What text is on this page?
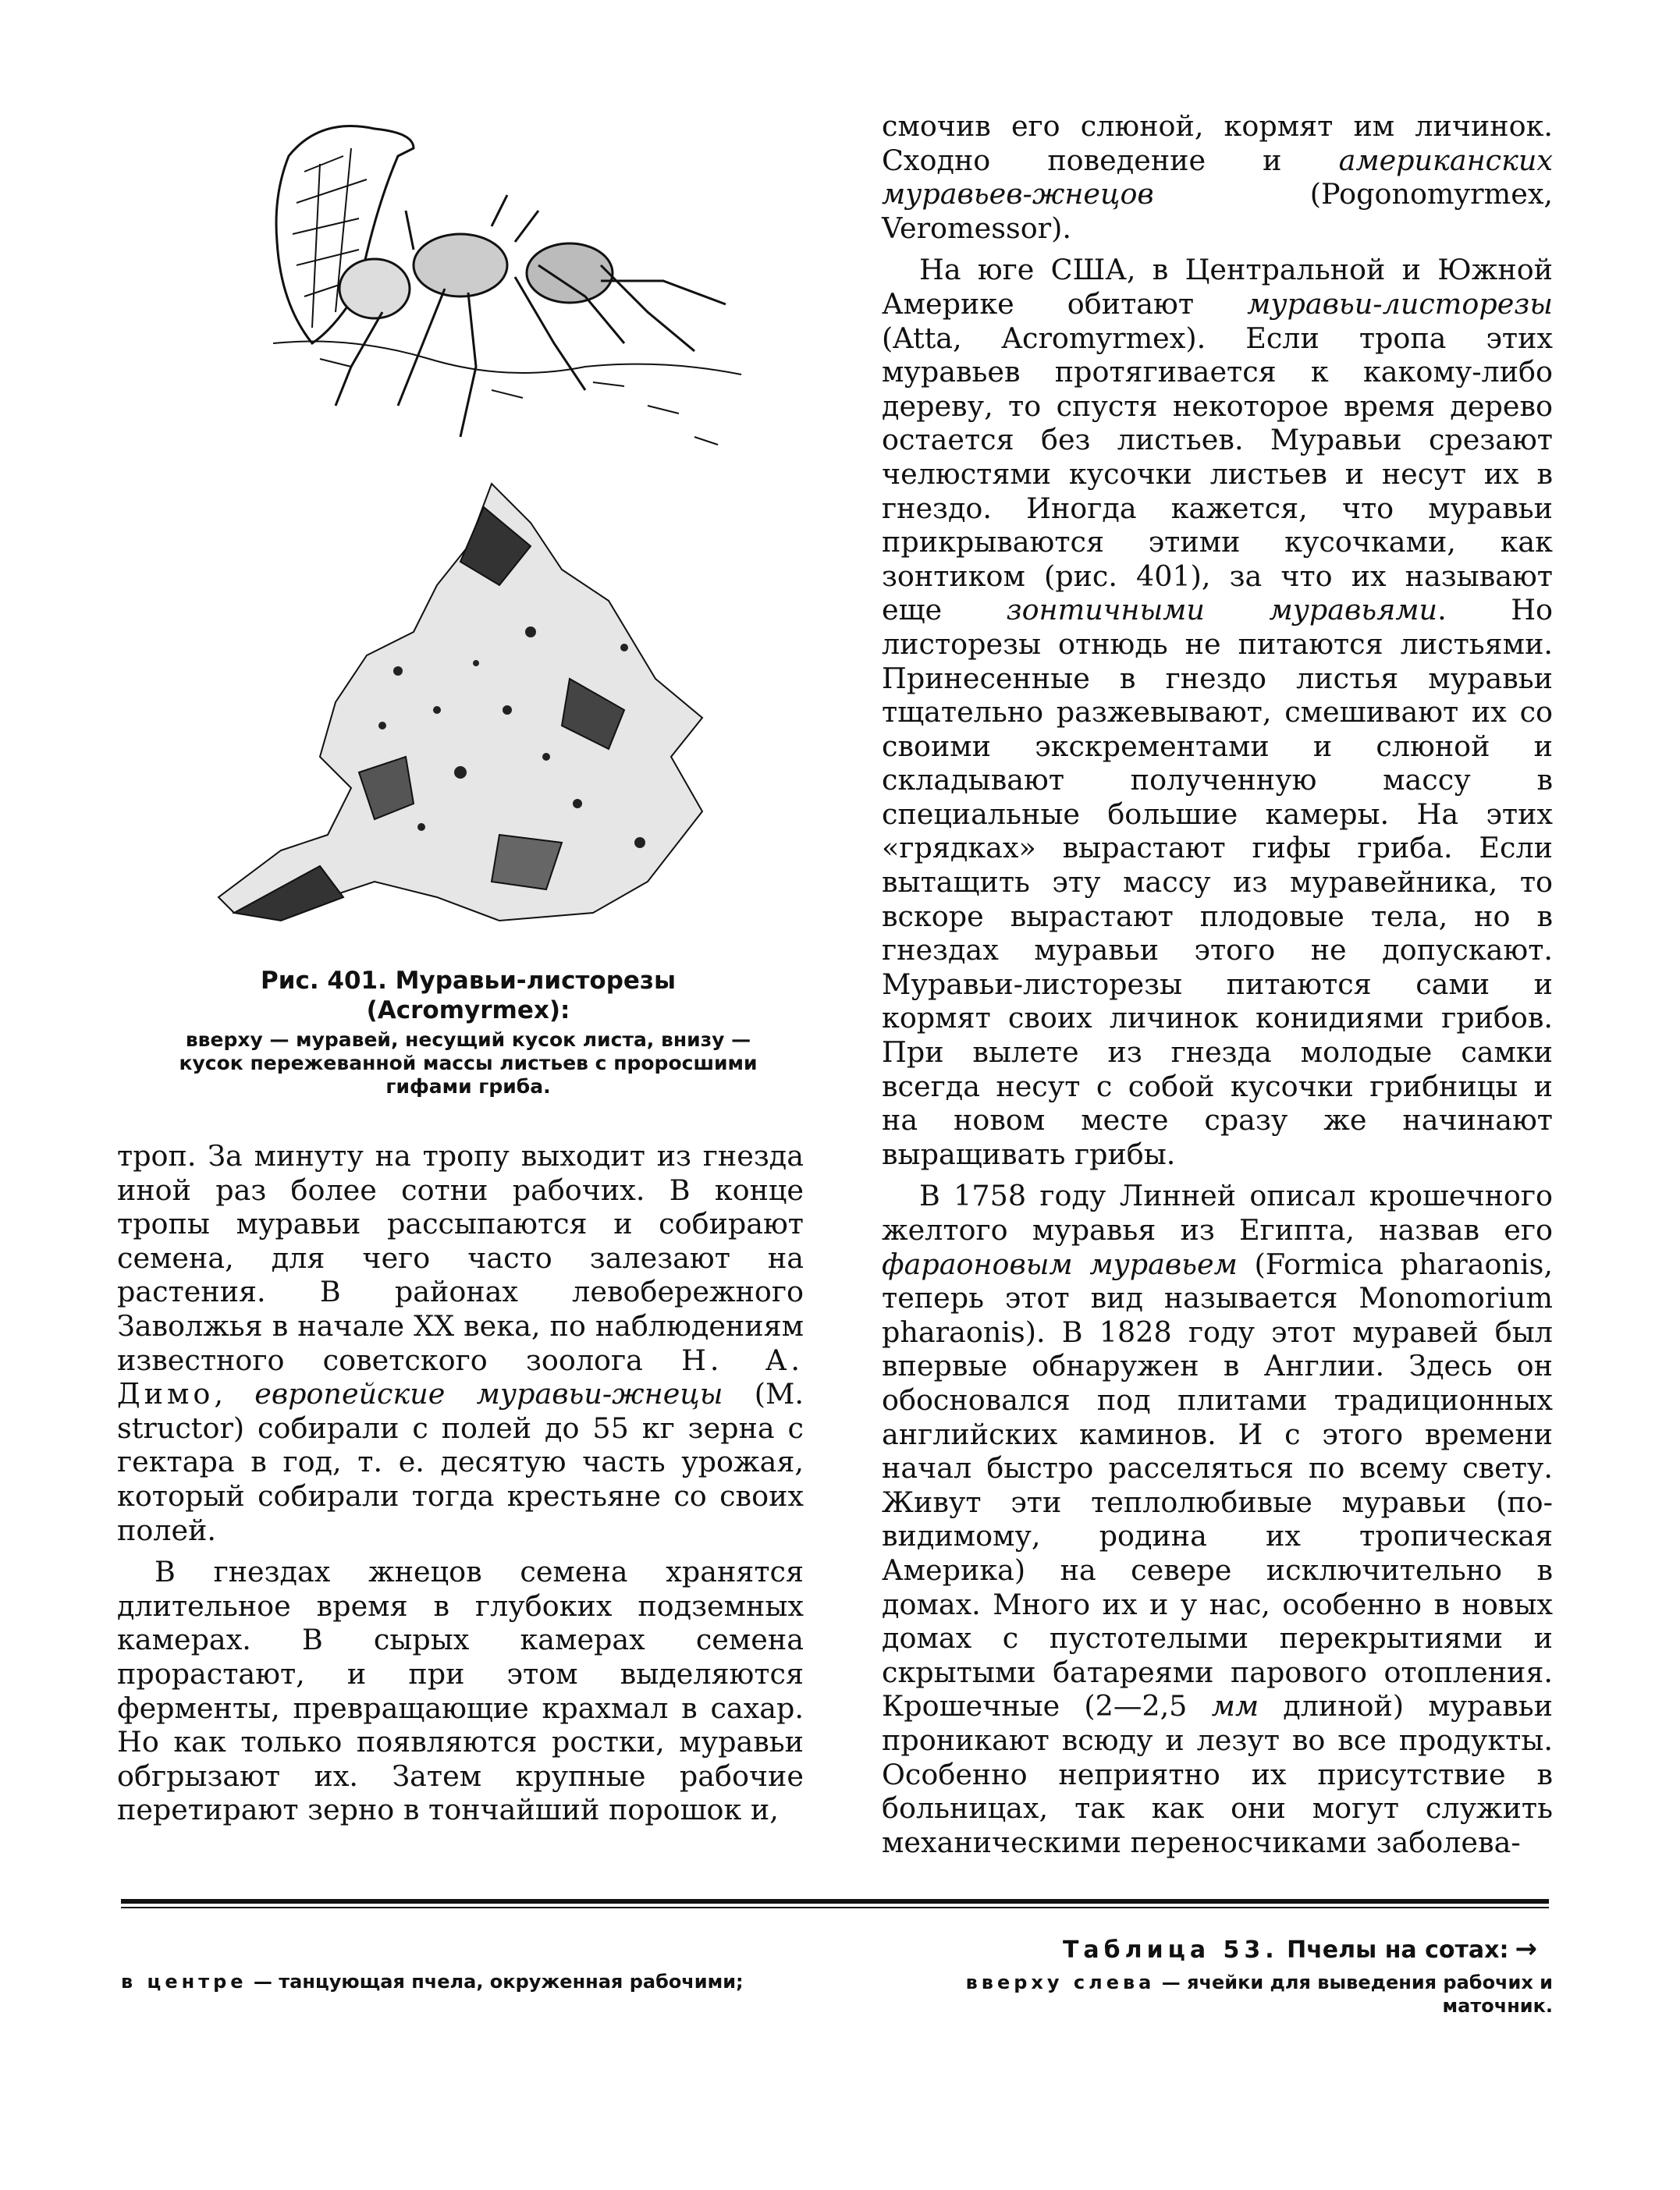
Рис. 401. Муравьи-листорезы (Acromyrmex):

вверху — муравей, несущий кусок листа, внизу — кусок пережеванной массы листьев с проросшими гифами гриба.

троп. За минуту на тропу выходит из гнезда иной раз более сотни рабочих. В конце тропы муравьи рассыпаются и собирают семена, для чего часто залезают на растения. В районах левобережного Заволжья в начале XX века, по наблюдениям известного советского зоолога Н. А. Димо, европейские муравьи-жнецы (M. structor) собирали с полей до 55 кг зерна с гектара в год, т. е. десятую часть урожая, который собирали тогда крестьяне со своих полей.

В гнездах жнецов семена хранятся длительное время в глубоких подземных камерах. В сырых камерах семена прорастают, и при этом выделяются ферменты, превращающие крахмал в сахар. Но как только появляются ростки, муравьи обгрызают их. Затем крупные рабочие перетирают зерно в тончайший порошок и,

смочив его слюной, кормят им личинок. Сходно поведение и американских муравьев-жнецов (Pogonomyrmex, Veromessor).

На юге США, в Центральной и Южной Америке обитают муравьи-листорезы (Atta, Acromyrmex). Если тропа этих муравьев протягивается к какому-либо дереву, то спустя некоторое время дерево остается без листьев. Муравьи срезают челюстями кусочки листьев и несут их в гнездо. Иногда кажется, что муравьи прикрываются этими кусочками, как зонтиком (рис. 401), за что их называют еще зонтичными муравьями. Но листорезы отнюдь не питаются листьями. Принесенные в гнездо листья муравьи тщательно разжевывают, смешивают их со своими экскрементами и слюной и складывают полученную массу в специальные большие камеры. На этих «грядках» вырастают гифы гриба. Если вытащить эту массу из муравейника, то вскоре вырастают плодовые тела, но в гнездах муравьи этого не допускают. Муравьи-листорезы питаются сами и кормят своих личинок конидиями грибов. При вылете из гнезда молодые самки всегда несут с собой кусочки грибницы и на новом месте сразу же начинают выращивать грибы.

В 1758 году Линней описал крошечного желтого муравья из Египта, назвав его фараоновым муравьем (Formica pharaonis, теперь этот вид называется Monomorium pharaonis). В 1828 году этот муравей был впервые обнаружен в Англии. Здесь он обосновался под плитами традиционных английских каминов. И с этого времени начал быстро расселяться по всему свету. Живут эти теплолюбивые муравьи (по-видимому, родина их тропическая Америка) на севере исключительно в домах. Много их и у нас, особенно в новых домах с пустотелыми перекрытиями и скрытыми батареями парового отопления. Крошечные (2—2,5 мм длиной) муравьи проникают всюду и лезут во все продукты. Особенно неприятно их присутствие в больницах, так как они могут служить механическими переносчиками заболева-

Таблица 53. Пчелы на сотах: →
в центре — танцующая пчела, окруженная рабочими;	вверху слева — ячейки для выведения рабочих и маточник.
